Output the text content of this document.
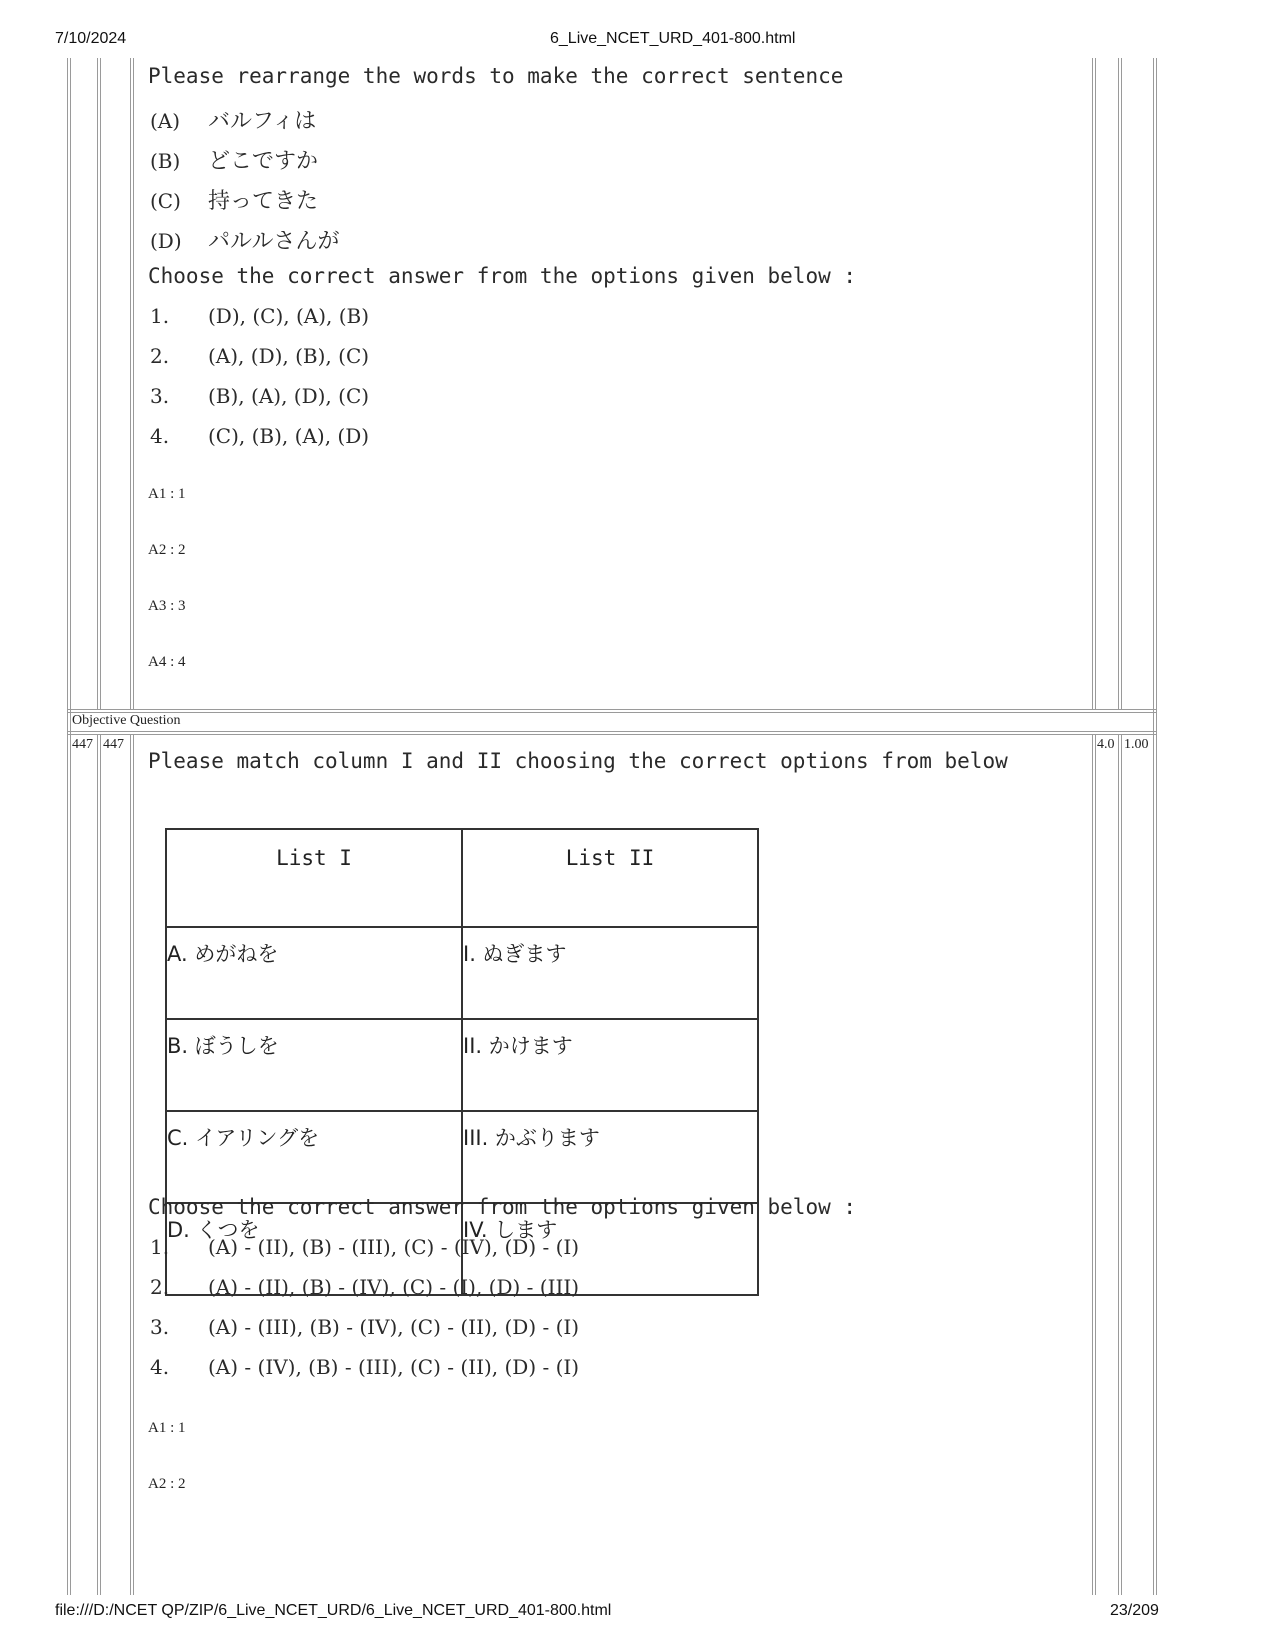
7/10/2024	6_Live_NCET_URD_401-800.html
Please rearrange the words to make the correct sentence
(A) バルフィは
(B) どこですか
(C) 持ってきた
(D) パルルさんが
Choose the correct answer from the options given below :
1. (D), (C), (A), (B)
2. (A), (D), (B), (C)
3. (B), (A), (D), (C)
4. (C), (B), (A), (D)
A1 : 1
A2 : 2
A3 : 3
A4 : 4
Objective Question
447 447	4.0 1.00
Please match column I and II choosing the correct options from below
List I	List II
A. めがねを	I. ぬぎます
B. ぼうしを	II. かけます
C. イアリングを	III. かぶります
D. くつを	IV. します
Choose the correct answer from the options given below :
1. (A) - (II), (B) - (III), (C) - (IV), (D) - (I)
2. (A) - (II), (B) - (IV), (C) - (I), (D) - (III)
3. (A) - (III), (B) - (IV), (C) - (II), (D) - (I)
4. (A) - (IV), (B) - (III), (C) - (II), (D) - (I)
A1 : 1
A2 : 2
file:///D:/NCET QP/ZIP/6_Live_NCET_URD/6_Live_NCET_URD_401-800.html	23/209
